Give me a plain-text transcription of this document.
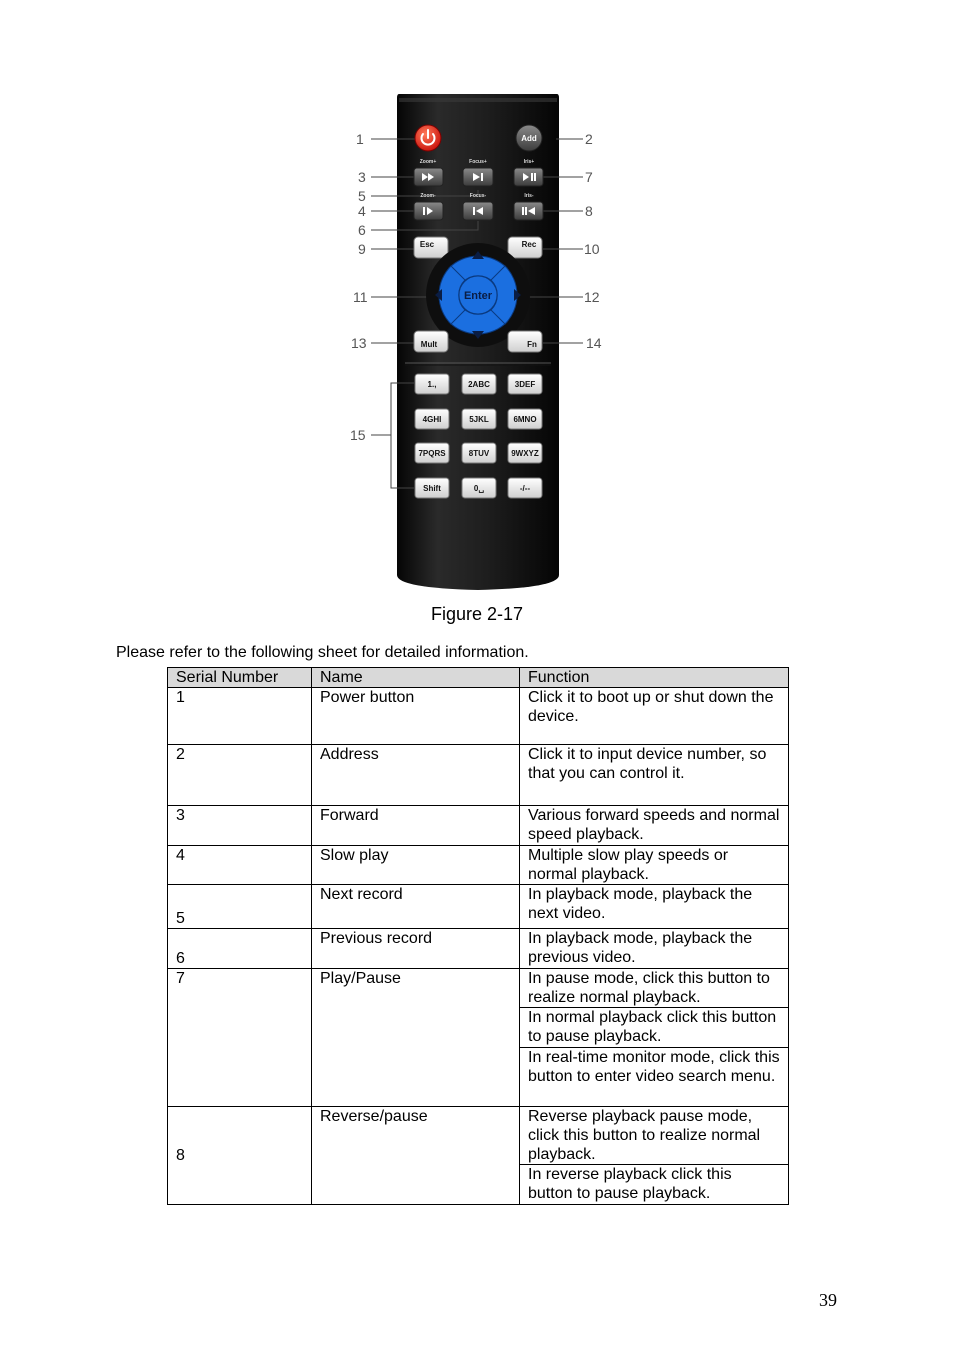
1	2
3	7
5
4	8
6
9	10
11	12
13	14
15
Add
Zoom+	Focus+	Iris+
Zoom-	Focus-	Iris-
Esc	Rec
Enter
Mult	Fn
1.,	2ABC	3DEF
4GHI	5JKL	6MNO
7PQRS	8TUV	9WXYZ
Shift	0␣	-/--
Figure 2-17
Please refer to the following sheet for detailed information.
Serial Number	Name	Function
1	Power button	Click it to boot up or shut down the device.
2	Address	Click it to input device number, so that you can control it.
3	Forward	Various forward speeds and normal speed playback.
4	Slow play	Multiple slow play speeds or normal playback.
5	Next record	In playback mode, playback the next video.
6	Previous record	In playback mode, playback the previous video.
7	Play/Pause	In pause mode, click this button to realize normal playback.
		In normal playback click this button to pause playback.
		In real-time monitor mode, click this button to enter video search menu.
8	Reverse/pause	Reverse playback pause mode, click this button to realize normal playback.
		In reverse playback click this button to pause playback.
39
